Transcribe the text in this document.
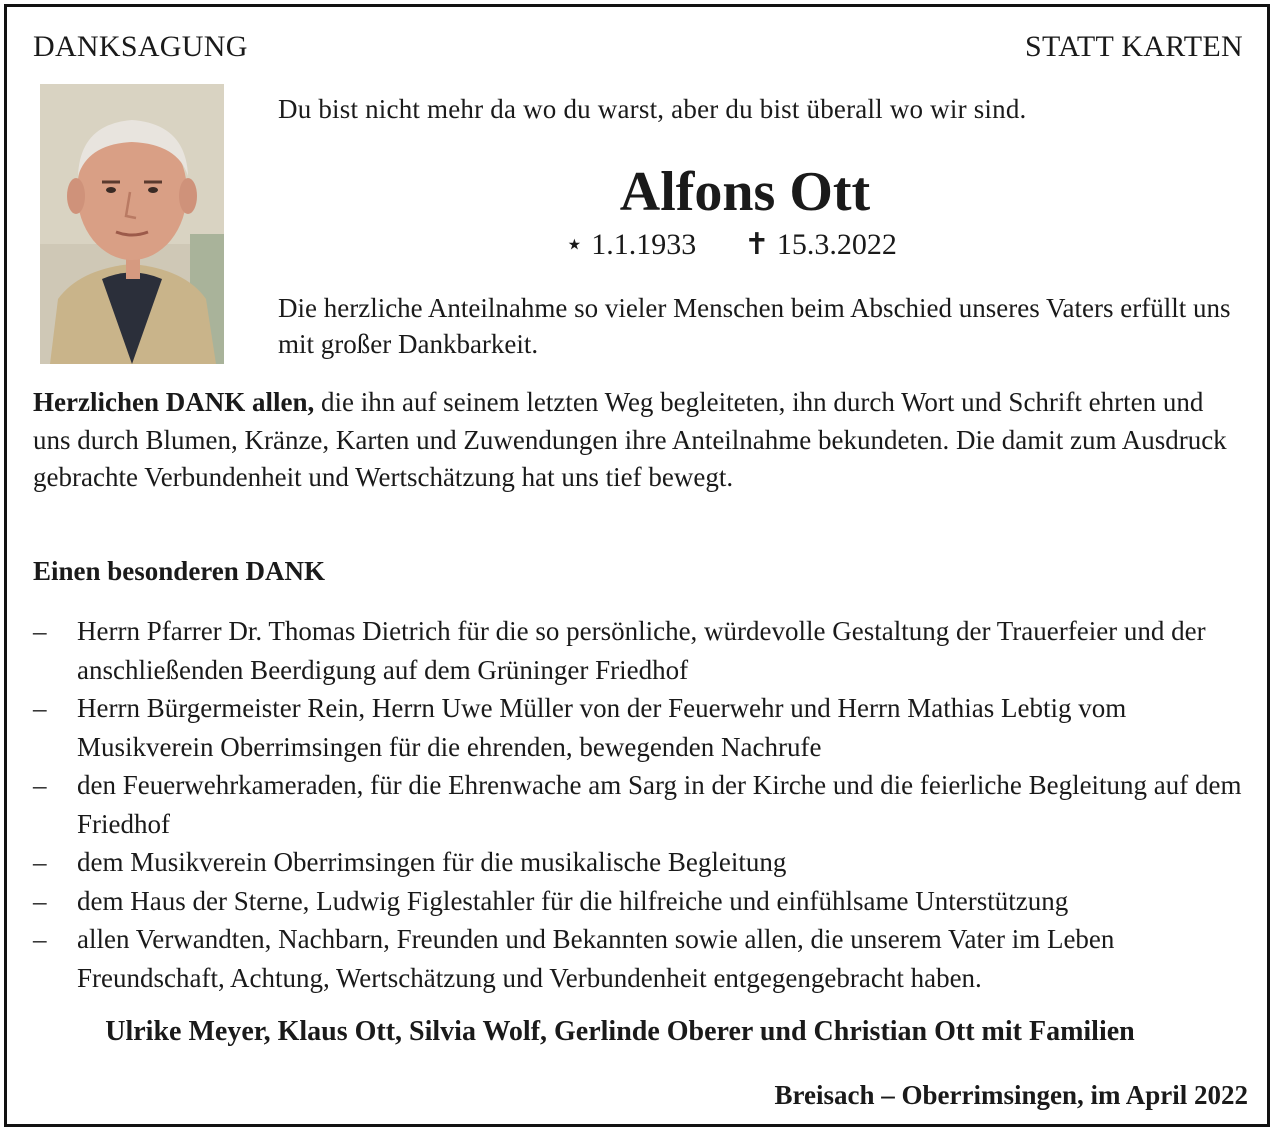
DANKSAGUNG	STATT KARTEN
Du bist nicht mehr da wo du warst, aber du bist überall wo wir sind.
Alfons Ott
⋆ 1.1.1933 ✝ 15.3.2022
Die herzliche Anteilnahme so vieler Menschen beim Abschied unseres Vaters erfüllt uns mit großer Dankbarkeit.
Herzlichen DANK allen, die ihn auf seinem letzten Weg begleiteten, ihn durch Wort und Schrift ehrten und uns durch Blumen, Kränze, Karten und Zuwendungen ihre Anteilnahme bekundeten. Die damit zum Ausdruck gebrachte Verbundenheit und Wertschätzung hat uns tief bewegt.
Einen besonderen DANK
– Herrn Pfarrer Dr. Thomas Dietrich für die so persönliche, würdevolle Gestaltung der Trauerfeier und der anschließenden Beerdigung auf dem Grüninger Friedhof
– Herrn Bürgermeister Rein, Herrn Uwe Müller von der Feuerwehr und Herrn Mathias Lebtig vom Musikverein Oberrimsingen für die ehrenden, bewegenden Nachrufe
– den Feuerwehrkameraden, für die Ehrenwache am Sarg in der Kirche und die feierliche Begleitung auf dem Friedhof
– dem Musikverein Oberrimsingen für die musikalische Begleitung
– dem Haus der Sterne, Ludwig Figlestahler für die hilfreiche und einfühlsame Unterstützung
– allen Verwandten, Nachbarn, Freunden und Bekannten sowie allen, die unserem Vater im Leben Freundschaft, Achtung, Wertschätzung und Verbundenheit entgegengebracht haben.
Ulrike Meyer, Klaus Ott, Silvia Wolf, Gerlinde Oberer und Christian Ott mit Familien
Breisach – Oberrimsingen, im April 2022
